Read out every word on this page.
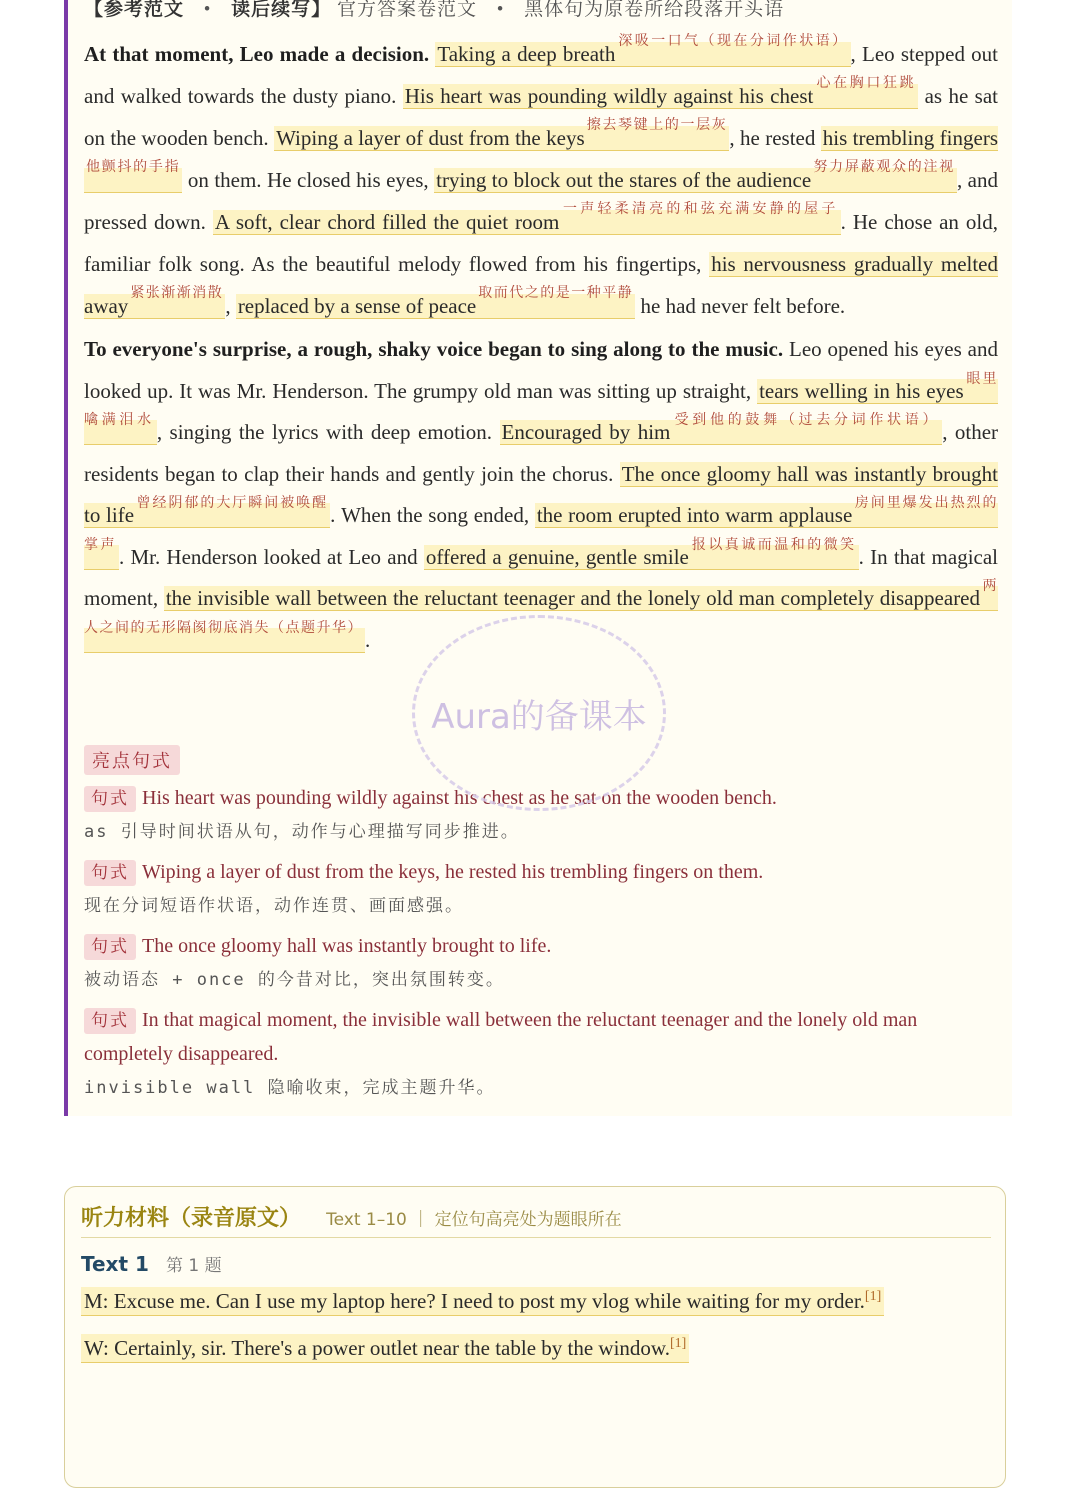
【参考范文 • 读后续写】 官方答案卷范文 • 黑体句为原卷所给段落开头语

At that moment, Leo made a decision. Taking a deep breath$^{深吸一口气(现在分词作状语)}$, Leo stepped out and walked towards the dusty piano. His heart was pounding wildly against his chest$^{心在胸口狂跳}$ as he sat on the wooden bench. Wiping a layer of dust from the keys$^{擦去琴键上的一层灰}$, he rested his trembling fingers$^{他颤抖的手指}$ on them. He closed his eyes, trying to block out the stares of the audience$^{努力屏蔽观众的注视}$, and pressed down. A soft, clear chord filled the quiet room$^{一声轻柔清亮的和弦充满安静的屋子}$. He chose an old, familiar folk song. As the beautiful melody flowed from his fingertips, his nervousness gradually melted away$^{紧张渐渐消散}$, replaced by a sense of peace$^{取而代之的是一种平静}$ he had never felt before.

To everyone's surprise, a rough, shaky voice began to sing along to the music. Leo opened his eyes and looked up. It was Mr. Henderson. The grumpy old man was sitting up straight, tears welling in his eyes $^{眼里噙满泪水}$, singing the lyrics with deep emotion. Encouraged by him $^{受到他的鼓舞(过去分词作状语)}$, other residents began to clap their hands and gently join the chorus. The once gloomy hall was instantly brought to life $^{曾经阴郁的大厅瞬间被唤醒}$. When the song ended, the room erupted into warm applause $^{房间里爆发出热烈的掌声}$. Mr. Henderson looked at Leo and offered a genuine, gentle smile $^{报以真诚而温和的微笑}$. In that magical moment, the invisible wall between the reluctant teenager and the lonely old man completely disappeared $^{两人之间的无形隔阂彻底消失(点题升华)}$.

亮点句式
句式 His heart was pounding wildly against his chest as he sat on the wooden bench.
as 引导时间状语从句，动作与心理描写同步推进。
句式 Wiping a layer of dust from the keys, he rested his trembling fingers on them.
现在分词短语作状语，动作连贯、画面感强。
句式 The once gloomy hall was instantly brought to life.
被动语态 + once 的今昔对比，突出氛围转变。
句式 In that magical moment, the invisible wall between the reluctant teenager and the lonely old man completely disappeared.
invisible wall 隐喻收束，完成主题升华。
Aura的备课本
听力材料（录音原文） Text 1–10 ｜ 定位句高亮处为题眼所在
Text 1 第 1 题
M: Excuse me. Can I use my laptop here? I need to post my vlog while waiting for my order.[1]
W: Certainly, sir. There's a power outlet near the table by the window.[1]
